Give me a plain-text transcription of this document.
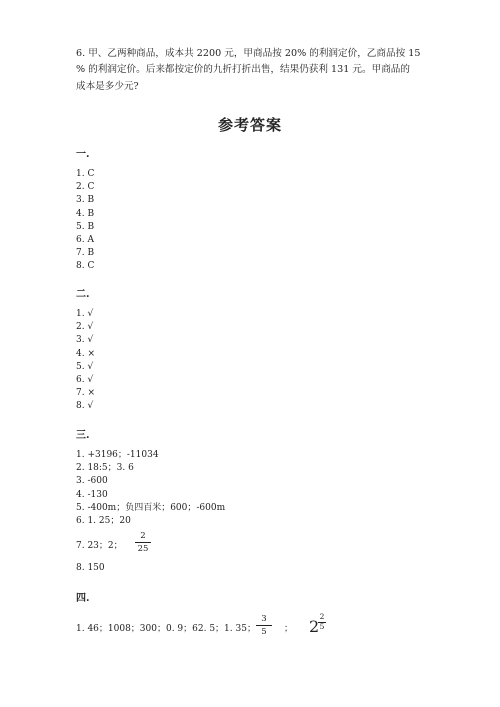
6. 甲、乙两种商品，成本共 2200 元，甲商品按 20% 的利润定价，乙商品按 15
% 的利润定价。后来都按定价的九折打折出售，结果仍获利 131 元。甲商品的
成本是多少元?
参考答案
一.
1. C
2. C
3. B
4. B
5. B
6. A
7. B
8. C
二.
1. √
2. √
3. √
4. ×
5. √
6. √
7. ×
8. √
三.
1. +3196；-11034
2. 18:5；3. 6
3. -600
4. -130
5. -400m；负四百米；600；-600m
6. 1. 25；20
7. 23；2；
2
25
8. 150
四.
1. 46；1008；300；0. 9；62. 5；1. 35；
3
5	； 2
2
5
